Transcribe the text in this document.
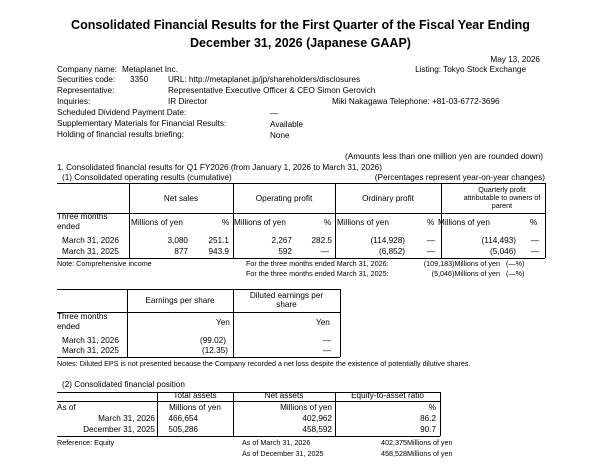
Consolidated Financial Results for the First Quarter of the Fiscal Year Ending
December 31, 2026 (Japanese GAAP)
May 13, 2026
Listing: Tokyo Stock Exchange
Company name: Metaplanet Inc.
Securities code: 3350 URL: http://metaplanet.jp/jp/shareholders/disclosures
Representative:	Representative Executive Officer & CEO Simon Gerovich
Inquiries:	IR Director	Miki Nakagawa Telephone: +81-03-6772-3696
Scheduled Dividend Payment Date:	―
Supplementary Materials for Financial Results:	Available
Holding of financial results briefing:	None
(Amounts less than one million yen are rounded down)
1. Consolidated financial results for Q1 FY2026 (from January 1, 2026 to March 31, 2026)
(1) Consolidated operating results (cumulative)	(Percentages represent year-on-year changes)
Net sales	Operating profit	Ordinary profit
Quarterly profit attributable to owners of parent
Three months ended	Millions of yen	% Millions of yen	% Millions of yen	% Millions of yen	%
March 31, 2026	3,080	251.1	2,267	282.5	(114,928)	―	(114,493)	―
March 31, 2025	877	943.9	592	―	(6,852)	―	(5,046)	―
Note: Comprehensive income	For the three months ended March 31, 2026:	(109,183)Millions of yen (―%)
For the three months ended March 31, 2025:	(5,046)Millions of yen (―%)
Earnings per share
Diluted earnings per
share
Three months ended	Yen	Yen
March 31, 2026	(99.02)	―
March 31, 2025	(12.35)	―
Notes: Diluted EPS is not presented because the Company recorded a net loss despite the existence of potentially dilutive shares.
(2) Consolidated financial position
Total assets	Net assets	Equity-to-asset ratio
As of	Millions of yen	Millions of yen	%
March 31, 2026	466,654	402,962	86.2
December 31, 2025	505,286	458,592	90.7
Reference: Equity	As of March 31, 2026	402,375Millions of yen
As of December 31, 2025	458,528Millions of yen
